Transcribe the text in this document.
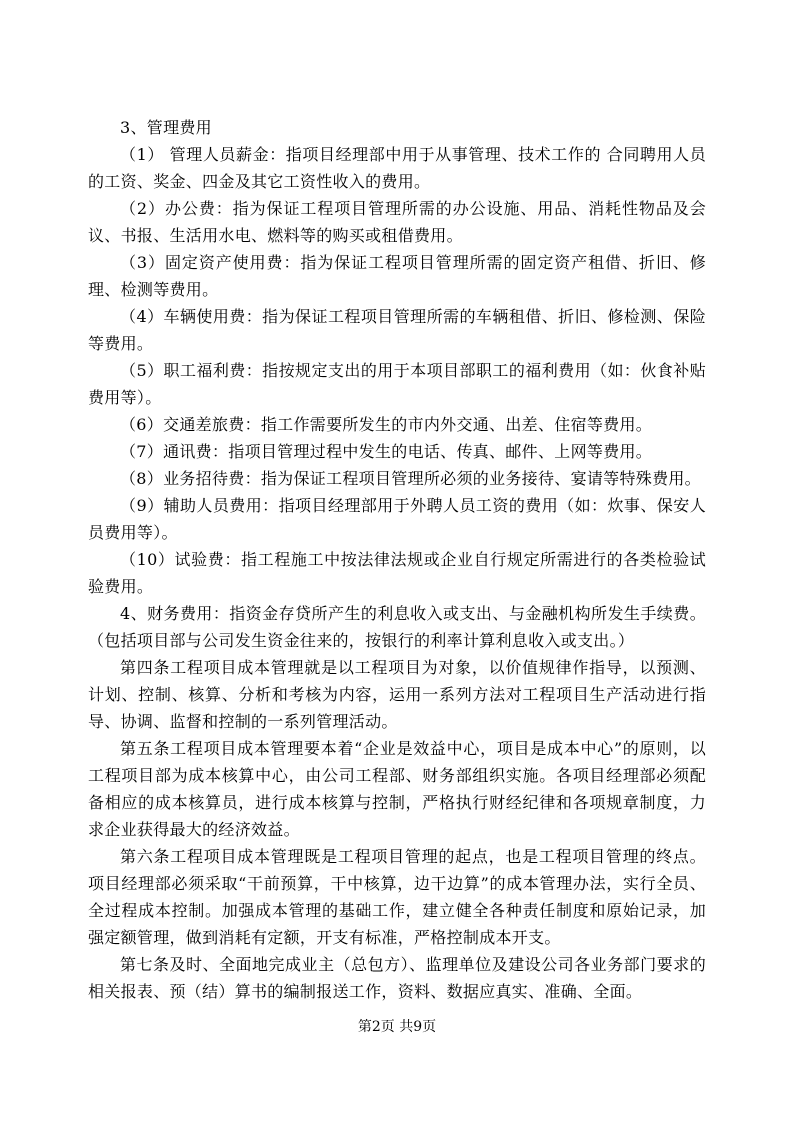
3、管理费用

（1） 管理人员薪金：指项目经理部中用于从事管理、技术工作的 合同聘用人员的工资、奖金、四金及其它工资性收入的费用。

（2）办公费：指为保证工程项目管理所需的办公设施、用品、消耗性物品及会议、书报、生活用水电、燃料等的购买或租借费用。

（3）固定资产使用费：指为保证工程项目管理所需的固定资产租借、折旧、修理、检测等费用。

（4）车辆使用费：指为保证工程项目管理所需的车辆租借、折旧、修检测、保险等费用。

（5）职工福利费：指按规定支出的用于本项目部职工的福利费用（如：伙食补贴费用等）。

（6）交通差旅费：指工作需要所发生的市内外交通、出差、住宿等费用。

（7）通讯费：指项目管理过程中发生的电话、传真、邮件、上网等费用。

（8）业务招待费：指为保证工程项目管理所必须的业务接待、宴请等特殊费用。

（9）辅助人员费用：指项目经理部用于外聘人员工资的费用（如：炊事、保安人员费用等）。

（10）试验费：指工程施工中按法律法规或企业自行规定所需进行的各类检验试验费用。

4、财务费用：指资金存贷所产生的利息收入或支出、与金融机构所发生手续费。（包括项目部与公司发生资金往来的，按银行的利率计算利息收入或支出。）

第四条工程项目成本管理就是以工程项目为对象，以价值规律作指导，以预测、计划、控制、核算、分析和考核为内容，运用一系列方法对工程项目生产活动进行指导、协调、监督和控制的一系列管理活动。

第五条工程项目成本管理要本着“企业是效益中心，项目是成本中心”的原则，以工程项目部为成本核算中心，由公司工程部、财务部组织实施。各项目经理部必须配备相应的成本核算员，进行成本核算与控制，严格执行财经纪律和各项规章制度，力求企业获得最大的经济效益。

第六条工程项目成本管理既是工程项目管理的起点，也是工程项目管理的终点。项目经理部必须采取“干前预算，干中核算，边干边算”的成本管理办法，实行全员、全过程成本控制。加强成本管理的基础工作，建立健全各种责任制度和原始记录，加强定额管理，做到消耗有定额，开支有标准，严格控制成本开支。

第七条及时、全面地完成业主（总包方）、监理单位及建设公司各业务部门要求的相关报表、预（结）算书的编制报送工作，资料、数据应真实、准确、全面。

第2页 共9页
